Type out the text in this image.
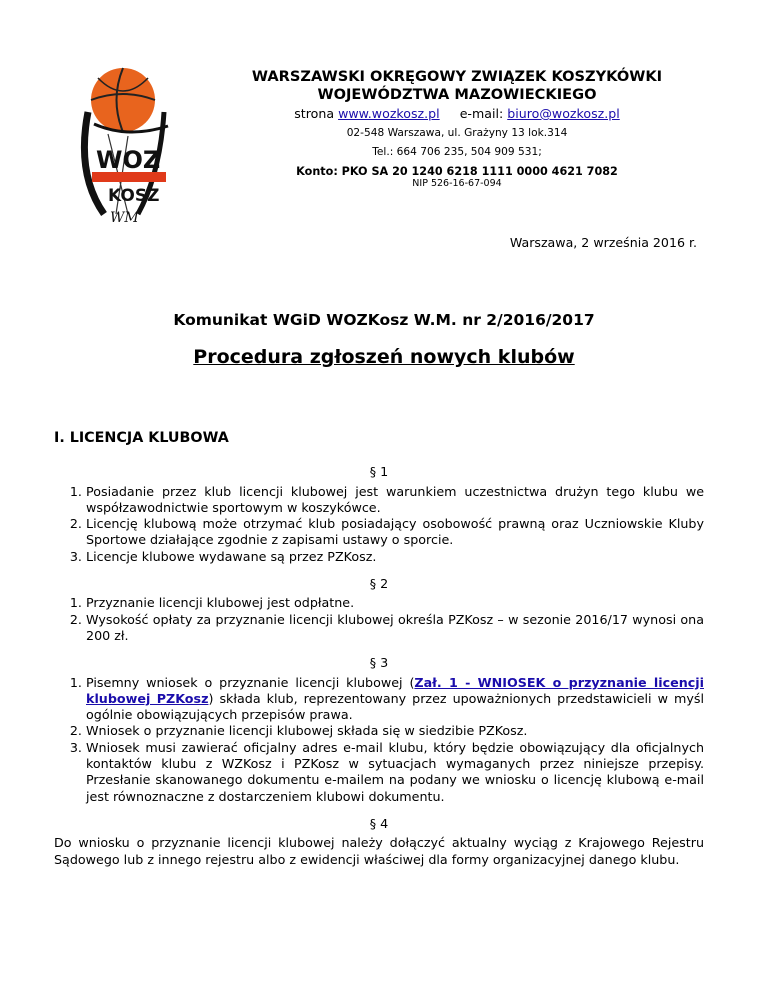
WOZ
KOSZ
WM
WARSZAWSKI OKRĘGOWY ZWIĄZEK KOSZYKÓWKI
WOJEWÓDZTWA MAZOWIECKIEGO
strona www.wozkosz.pl e-mail: biuro@wozkosz.pl
02-548 Warszawa, ul. Grażyny 13 lok.314
Tel.: 664 706 235, 504 909 531;
Konto: PKO SA 20 1240 6218 1111 0000 4621 7082
NIP 526-16-67-094
Warszawa, 2 września 2016 r.
Komunikat WGiD WOZKosz W.M. nr 2/2016/2017
Procedura zgłoszeń nowych klubów
I. LICENCJA KLUBOWA
§ 1
1. Posiadanie przez klub licencji klubowej jest warunkiem uczestnictwa drużyn tego klubu we współzawodnictwie sportowym w koszykówce.
2. Licencję klubową może otrzymać klub posiadający osobowość prawną oraz Uczniowskie Kluby Sportowe działające zgodnie z zapisami ustawy o sporcie.
3. Licencje klubowe wydawane są przez PZKosz.
§ 2
1. Przyznanie licencji klubowej jest odpłatne.
2. Wysokość opłaty za przyznanie licencji klubowej określa PZKosz – w sezonie 2016/17 wynosi ona 200 zł.
§ 3
1. Pisemny wniosek o przyznanie licencji klubowej (Zał. 1 - WNIOSEK o przyznanie licencji klubowej PZKosz) składa klub, reprezentowany przez upoważnionych przedstawicieli w myśl ogólnie obowiązujących przepisów prawa.
2. Wniosek o przyznanie licencji klubowej składa się w siedzibie PZKosz.
3. Wniosek musi zawierać oficjalny adres e-mail klubu, który będzie obowiązujący dla oficjalnych kontaktów klubu z WZKosz i PZKosz w sytuacjach wymaganych przez niniejsze przepisy. Przesłanie skanowanego dokumentu e-mailem na podany we wniosku o licencję klubową e-mail jest równoznaczne z dostarczeniem klubowi dokumentu.
§ 4

Do wniosku o przyznanie licencji klubowej należy dołączyć aktualny wyciąg z Krajowego Rejestru Sądowego lub z innego rejestru albo z ewidencji właściwej dla formy organizacyjnej danego klubu.
